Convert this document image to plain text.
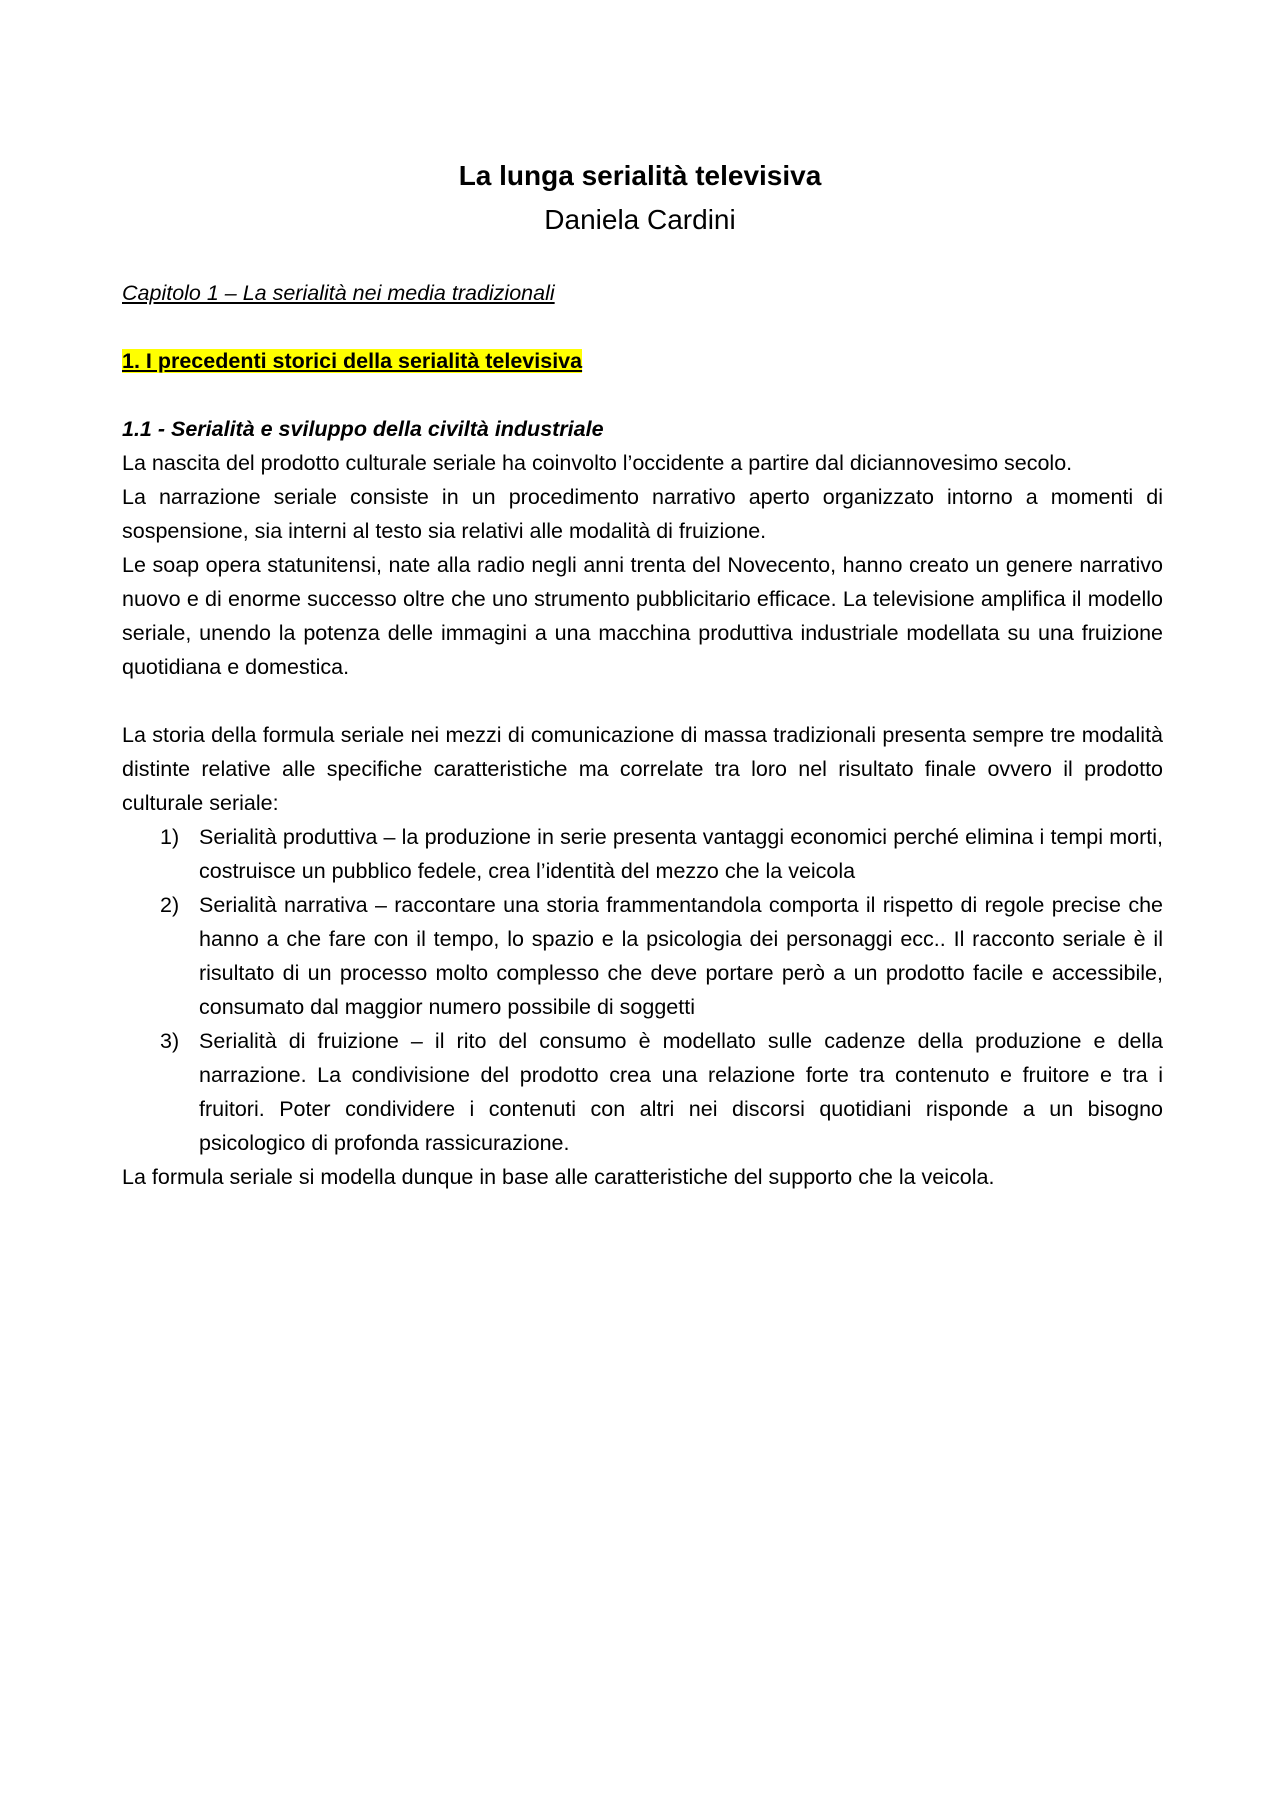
La lunga serialità televisiva
Daniela Cardini

Capitolo 1 – La serialità nei media tradizionali

1. I precedenti storici della serialità televisiva

1.1 - Serialità e sviluppo della civiltà industriale

La nascita del prodotto culturale seriale ha coinvolto l’occidente a partire dal diciannovesimo secolo.

La narrazione seriale consiste in un procedimento narrativo aperto organizzato intorno a momenti di sospensione, sia interni al testo sia relativi alle modalità di fruizione.

Le soap opera statunitensi, nate alla radio negli anni trenta del Novecento, hanno creato un genere narrativo nuovo e di enorme successo oltre che uno strumento pubblicitario efficace. La televisione amplifica il modello seriale, unendo la potenza delle immagini a una macchina produttiva industriale modellata su una fruizione quotidiana e domestica.

La storia della formula seriale nei mezzi di comunicazione di massa tradizionali presenta sempre tre modalità distinte relative alle specifiche caratteristiche ma correlate tra loro nel risultato finale ovvero il prodotto culturale seriale:

1) Serialità produttiva – la produzione in serie presenta vantaggi economici perché elimina i tempi morti, costruisce un pubblico fedele, crea l’identità del mezzo che la veicola
2) Serialità narrativa – raccontare una storia frammentandola comporta il rispetto di regole precise che hanno a che fare con il tempo, lo spazio e la psicologia dei personaggi ecc.. Il racconto seriale è il risultato di un processo molto complesso che deve portare però a un prodotto facile e accessibile, consumato dal maggior numero possibile di soggetti
3) Serialità di fruizione – il rito del consumo è modellato sulle cadenze della produzione e della narrazione. La condivisione del prodotto crea una relazione forte tra contenuto e fruitore e tra i fruitori. Poter condividere i contenuti con altri nei discorsi quotidiani risponde a un bisogno psicologico di profonda rassicurazione.

La formula seriale si modella dunque in base alle caratteristiche del supporto che la veicola.
